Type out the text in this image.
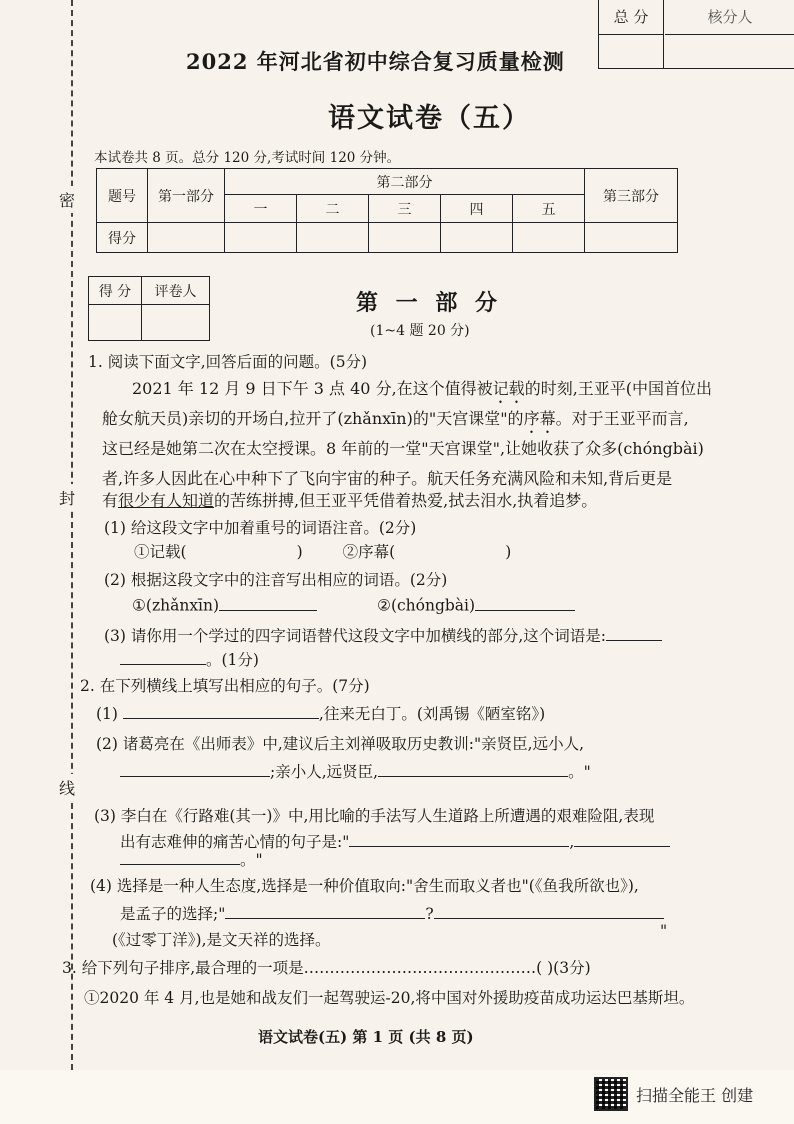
密
封
线
总 分	核分人
2022 年河北省初中综合复习质量检测
语文试卷（五）
本试卷共 8 页。总分 120 分,考试时间 120 分钟。
题号	第一部分	第二部分					第三部分
		一	二	三	四	五	
得分							
得 分	评卷人
		第 一 部 分
(1~4 题 20 分)
1. 阅读下面文字,回答后面的问题。(5分)
2021 年 12 月 9 日下午 3 点 40 分,在这个值得被记载的时刻,王亚平(中国首位出
舱女航天员)亲切的开场白,拉开了(zhǎnxīn)的"天宫课堂"的序幕。对于王亚平而言,
这已经是她第二次在太空授课。8 年前的一堂"天宫课堂",让她收获了众多(chóngbài)
者,许多人因此在心中种下了飞向宇宙的种子。航天任务充满风险和未知,背后更是
有很少有人知道的苦练拼搏,但王亚平凭借着热爱,拭去泪水,执着追梦。
(1) 给这段文字中加着重号的词语注音。(2分)
①记载(	)	②序幕(	)
(2) 根据这段文字中的注音写出相应的词语。(2分)
①(zhǎnxīn)	②(chóngbài)
(3) 请你用一个学过的四字词语替代这段文字中加横线的部分,这个词语是:
。(1分)
2. 在下列横线上填写出相应的句子。(7分)
(1)	,往来无白丁。(刘禹锡《陋室铭》)
(2) 诸葛亮在《出师表》中,建议后主刘禅吸取历史教训:"亲贤臣,远小人,
;亲小人,远贤臣,	。"
(3) 李白在《行路难(其一)》中,用比喻的手法写人生道路上所遭遇的艰难险阻,表现
出有志难伸的痛苦心情的句子是:"	,
。"
(4) 选择是一种人生态度,选择是一种价值取向:"舍生而取义者也"(《鱼我所欲也》),
是孟子的选择;"	?
"
(《过零丁洋》),是文天祥的选择。
3. 给下列句子排序,最合理的一项是………………………………………( )(3分)
①2020 年 4 月,也是她和战友们一起驾驶运-20,将中国对外援助疫苗成功运达巴基斯坦。
语文试卷(五) 第 1 页 (共 8 页)
扫描全能王 创建
